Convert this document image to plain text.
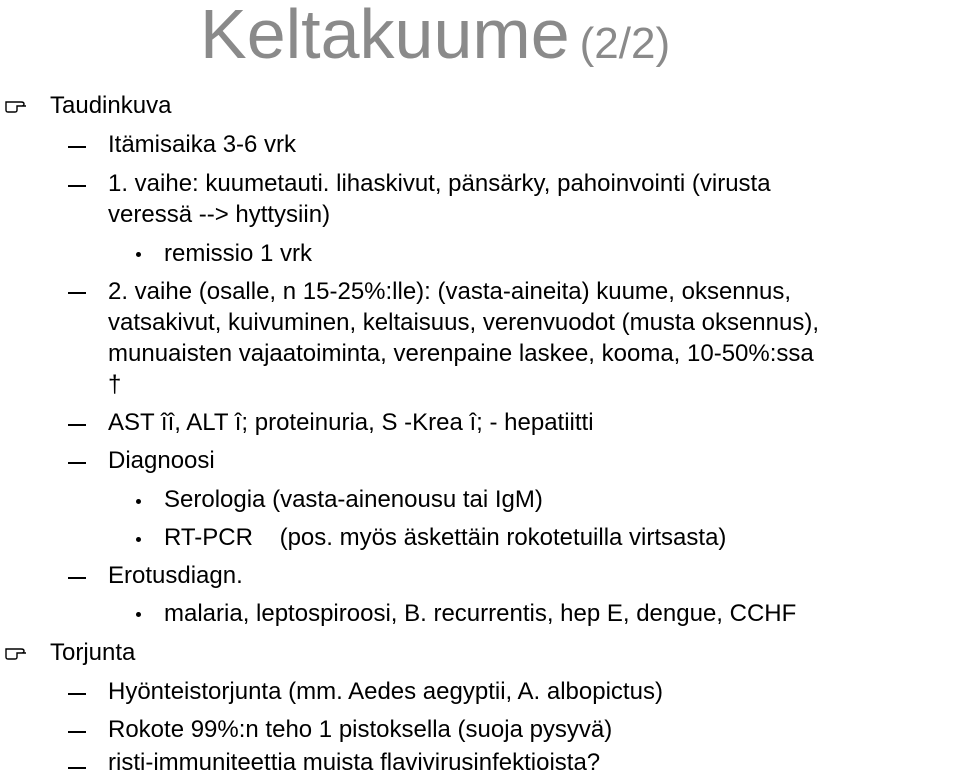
Keltakuume (2/2)
Taudinkuva
Itämisaika 3-6 vrk
1. vaihe: kuumetauti. lihaskivut, pänsärky, pahoinvointi (virusta
veressä --> hyttysiin)
remissio 1 vrk
2. vaihe (osalle, n 15-25%:lle): (vasta-aineita) kuume, oksennus,
vatsakivut, kuivuminen, keltaisuus, verenvuodot (musta oksennus),
munuaisten vajaatoiminta, verenpaine laskee, kooma, 10-50%:ssa
†
AST îî, ALT î; proteinuria, S -Krea î; - hepatiitti
Diagnoosi
Serologia (vasta-ainenousu tai IgM)
RT-PCR    (pos. myös äskettäin rokotetuilla virtsasta)
Erotusdiagn.
malaria, leptospiroosi, B. recurrentis, hep E, dengue, CCHF
Torjunta
Hyönteistorjunta (mm. Aedes aegyptii, A. albopictus)
Rokote 99%:n teho 1 pistoksella (suoja pysyvä)
risti-immuniteettia muista flavivirusinfektioista?
